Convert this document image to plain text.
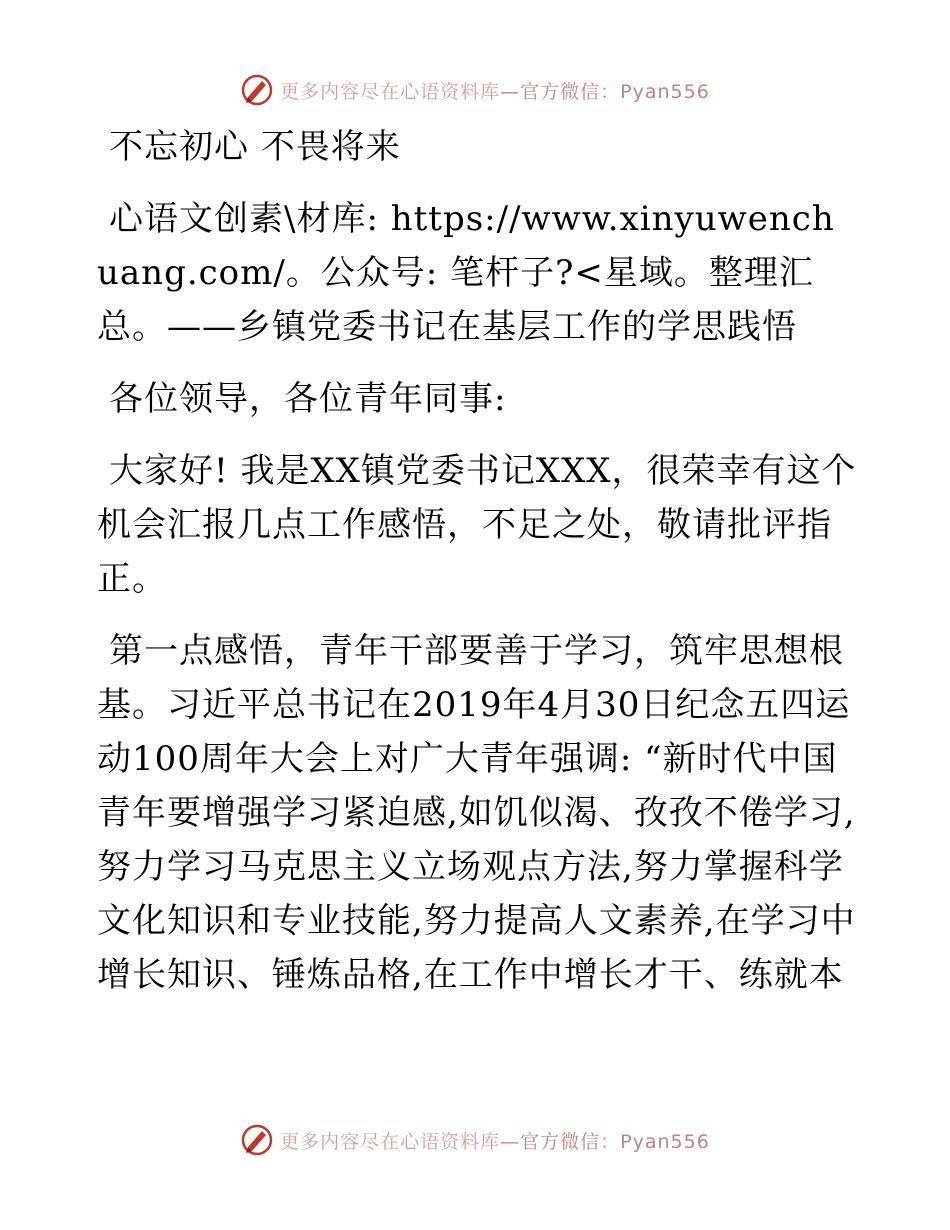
更多内容尽在心语资料库—官方微信：Pyan556

不忘初心 不畏将来

心语文创素\材库: https://www.xinyuwenchuang.com/。公众号: 笔杆子?<星域。整理汇总。——乡镇党委书记在基层工作的学思践悟

各位领导，各位青年同事:

大家好! 我是XX镇党委书记XXX，很荣幸有这个机会汇报几点工作感悟，不足之处，敬请批评指正。

第一点感悟，青年干部要善于学习，筑牢思想根基。习近平总书记在2019年4月30日纪念五四运动100周年大会上对广大青年强调: “新时代中国青年要增强学习紧迫感,如饥似渴、孜孜不倦学习,努力学习马克思主义立场观点方法,努力掌握科学文化知识和专业技能,努力提高人文素养,在学习中增长知识、锤炼品格,在工作中增长才干、练就本

更多内容尽在心语资料库—官方微信：Pyan556
